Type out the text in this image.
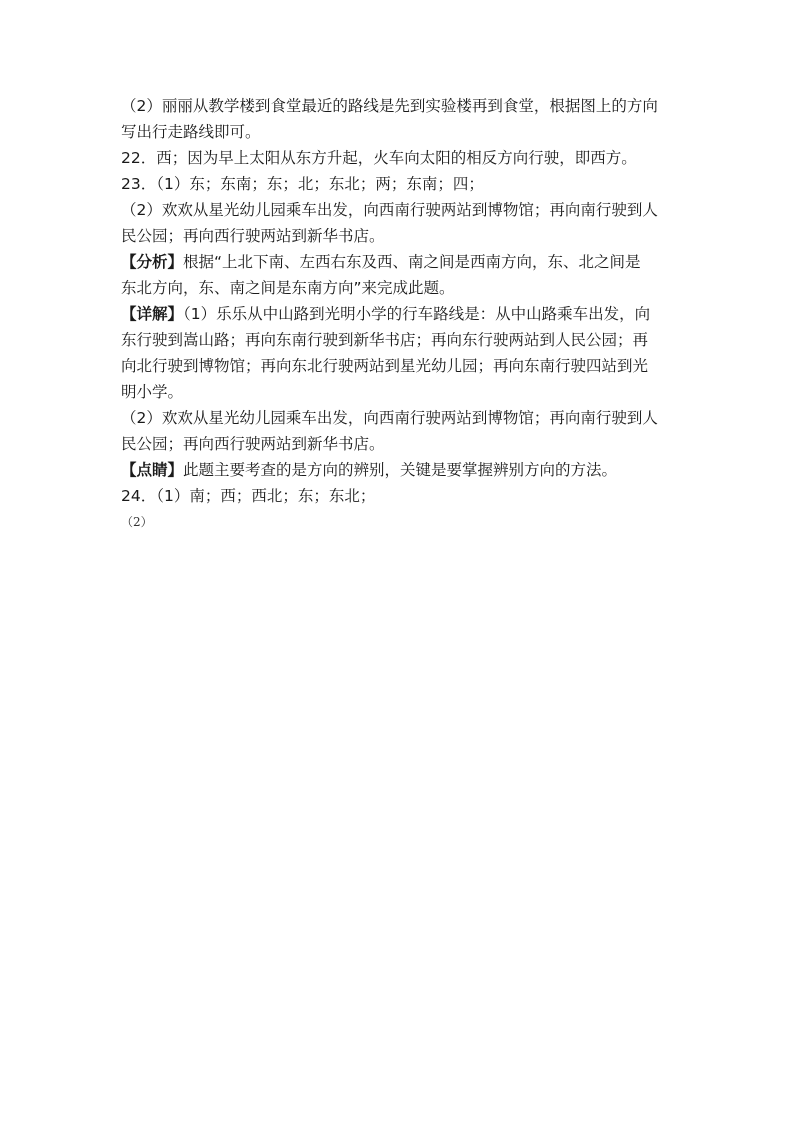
（2）丽丽从教学楼到食堂最近的路线是先到实验楼再到食堂，根据图上的方向
写出行走路线即可。
22．西；因为早上太阳从东方升起，火车向太阳的相反方向行驶，即西方。
23．（1）东；东南；东；北；东北；两；东南；四；
（2）欢欢从星光幼儿园乘车出发，向西南行驶两站到博物馆；再向南行驶到人
民公园；再向西行驶两站到新华书店。
【分析】根据“上北下南、左西右东及西、南之间是西南方向，东、北之间是
东北方向，东、南之间是东南方向”来完成此题。
【详解】（1）乐乐从中山路到光明小学的行车路线是：从中山路乘车出发，向
东行驶到嵩山路；再向东南行驶到新华书店；再向东行驶两站到人民公园；再
向北行驶到博物馆；再向东北行驶两站到星光幼儿园；再向东南行驶四站到光
明小学。
（2）欢欢从星光幼儿园乘车出发，向西南行驶两站到博物馆；再向南行驶到人
民公园；再向西行驶两站到新华书店。
【点睛】此题主要考查的是方向的辨别，关键是要掌握辨别方向的方法。
24．（1）南；西；西北；东；东北；
（2）
